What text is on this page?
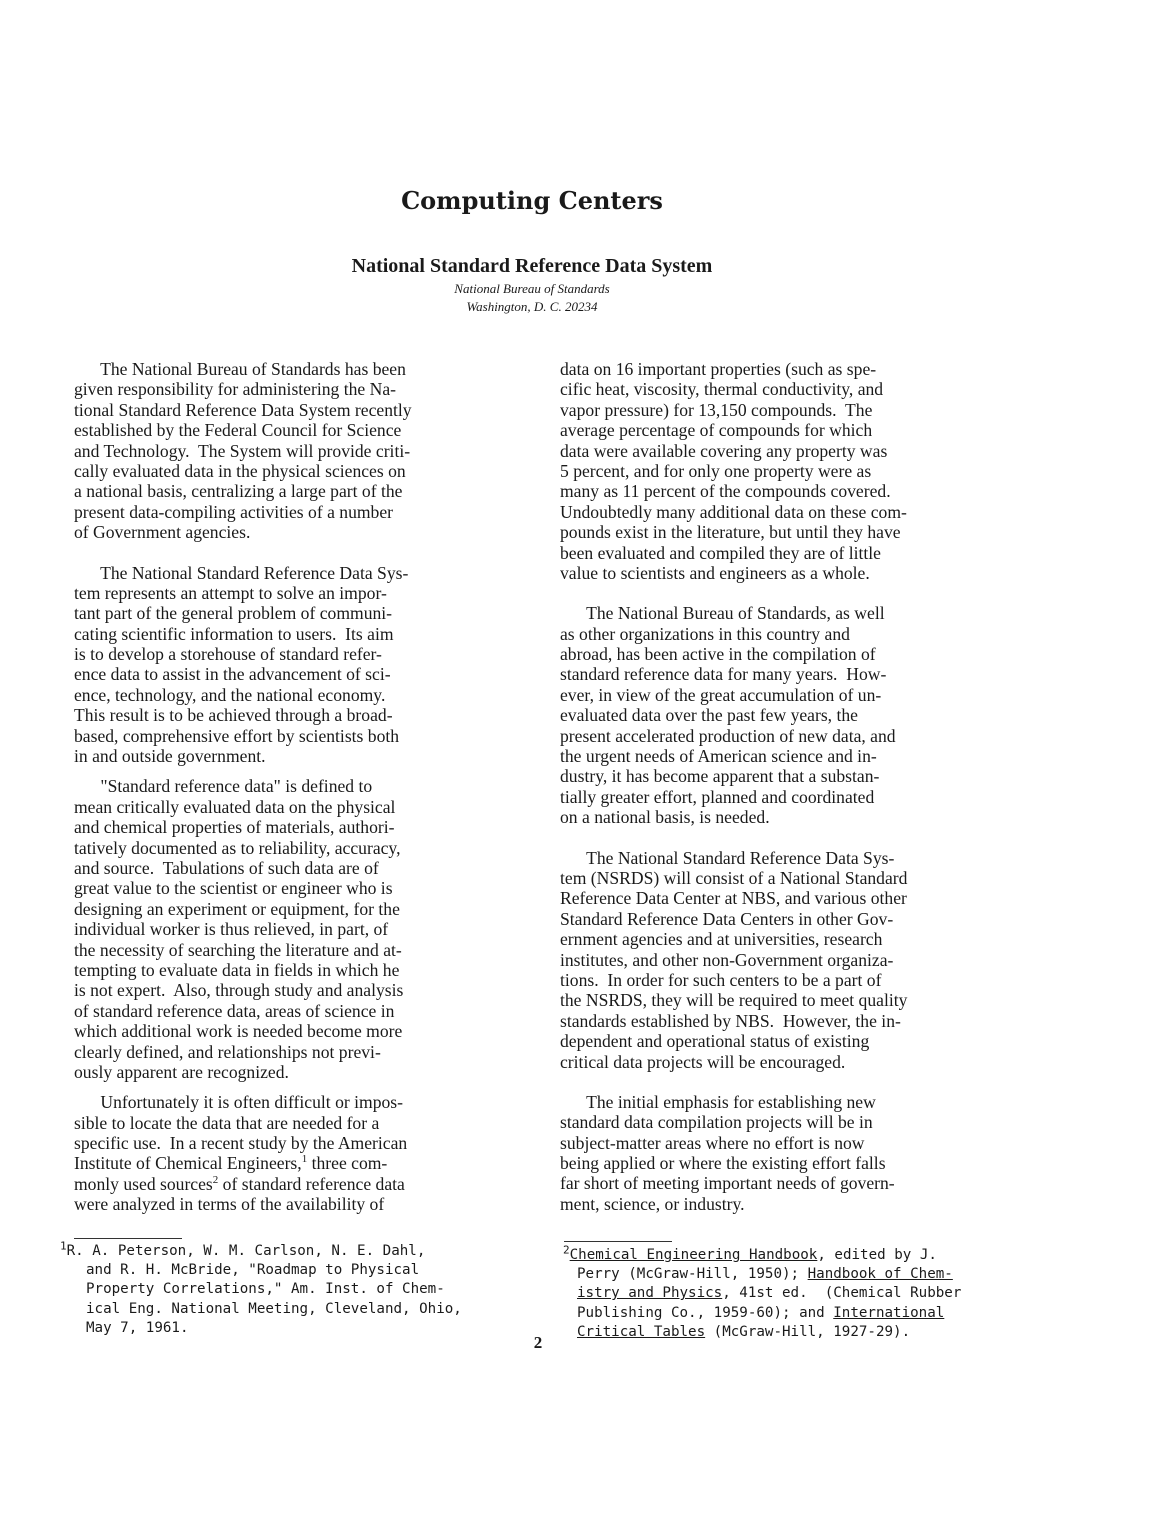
Computing Centers
National Standard Reference Data System
National Bureau of Standards
Washington, D. C. 20234
The National Bureau of Standards has been
given responsibility for administering the Na-
tional Standard Reference Data System recently
established by the Federal Council for Science
and Technology.  The System will provide criti-
cally evaluated data in the physical sciences on
a national basis, centralizing a large part of the
present data-compiling activities of a number
of Government agencies.
The National Standard Reference Data Sys-
tem represents an attempt to solve an impor-
tant part of the general problem of communi-
cating scientific information to users.  Its aim
is to develop a storehouse of standard refer-
ence data to assist in the advancement of sci-
ence, technology, and the national economy.
This result is to be achieved through a broad-
based, comprehensive effort by scientists both
in and outside government.
"Standard reference data" is defined to
mean critically evaluated data on the physical
and chemical properties of materials, authori-
tatively documented as to reliability, accuracy,
and source.  Tabulations of such data are of
great value to the scientist or engineer who is
designing an experiment or equipment, for the
individual worker is thus relieved, in part, of
the necessity of searching the literature and at-
tempting to evaluate data in fields in which he
is not expert.  Also, through study and analysis
of standard reference data, areas of science in
which additional work is needed become more
clearly defined, and relationships not previ-
ously apparent are recognized.
Unfortunately it is often difficult or impos-
sible to locate the data that are needed for a
specific use.  In a recent study by the American
Institute of Chemical Engineers,$^1$ three com-
monly used sources$^2$ of standard reference data
were analyzed in terms of the availability of
data on 16 important properties (such as spe-
cific heat, viscosity, thermal conductivity, and
vapor pressure) for 13,150 compounds.  The
average percentage of compounds for which
data were available covering any property was
5 percent, and for only one property were as
many as 11 percent of the compounds covered.
Undoubtedly many additional data on these com-
pounds exist in the literature, but until they have
been evaluated and compiled they are of little
value to scientists and engineers as a whole.
The National Bureau of Standards, as well
as other organizations in this country and
abroad, has been active in the compilation of
standard reference data for many years.  How-
ever, in view of the great accumulation of un-
evaluated data over the past few years, the
present accelerated production of new data, and
the urgent needs of American science and in-
dustry, it has become apparent that a substan-
tially greater effort, planned and coordinated
on a national basis, is needed.
The National Standard Reference Data Sys-
tem (NSRDS) will consist of a National Standard
Reference Data Center at NBS, and various other
Standard Reference Data Centers in other Gov-
ernment agencies and at universities, research
institutes, and other non-Government organiza-
tions.  In order for such centers to be a part of
the NSRDS, they will be required to meet quality
standards established by NBS.  However, the in-
dependent and operational status of existing
critical data projects will be encouraged.
The initial emphasis for establishing new
standard data compilation projects will be in
subject-matter areas where no effort is now
being applied or where the existing effort falls
far short of meeting important needs of govern-
ment, science, or industry.
$^1$R. A. Peterson, W. M. Carlson, N. E. Dahl,
and R. H. McBride, "Roadmap to Physical
Property Correlations," Am. Inst. of Chem-
ical Eng. National Meeting, Cleveland, Ohio,
May 7, 1961.
$^2$Chemical Engineering Handbook, edited by J.
Perry (McGraw-Hill, 1950); Handbook of Chem-
istry and Physics, 41st ed.  (Chemical Rubber
Publishing Co., 1959-60); and International
Critical Tables (McGraw-Hill, 1927-29).
2
